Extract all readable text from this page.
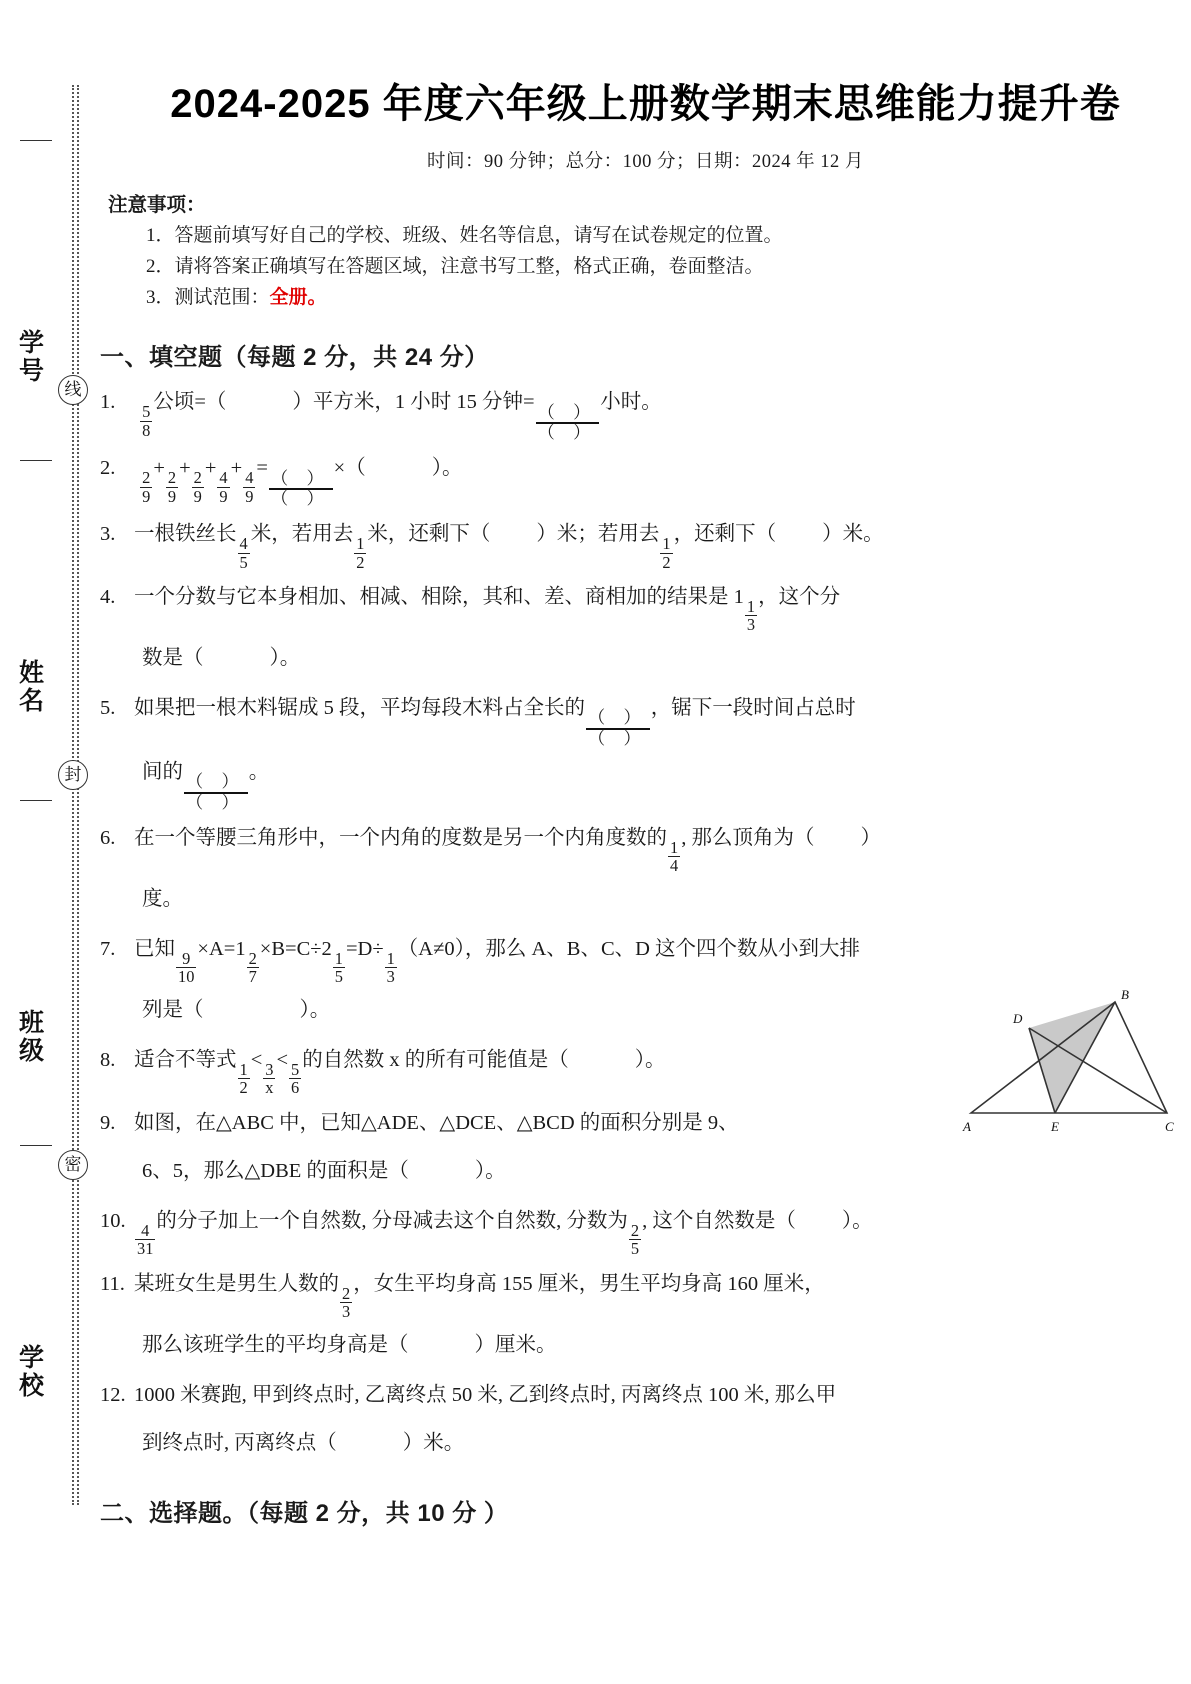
学 号
姓 名
班 级
学 校
线
封
密
2024-2025 年度六年级上册数学期末思维能力提升卷
时间：90 分钟；总分：100 分；日期：2024 年 12 月
注意事项：
1．答题前填写好自己的学校、班级、姓名等信息，请写在试卷规定的位置。
2．请将答案正确填写在答题区域，注意书写工整，格式正确，卷面整洁。
3．测试范围：全册。
一、填空题（每题 2 分，共 24 分）
1.
$\frac{5}{8}$
公顷=（	）平方米，1 小时 15 分钟=
$\frac{( )}{( )}$
小时。
2.
$\frac{2}{9}$
+
$\frac{2}{9}$
+
$\frac{2}{9}$
+
$\frac{4}{9}$
+
$\frac{4}{9}$
=
$\frac{( )}{( )}$
×（	）。
3. 一根铁丝长
$\frac{4}{5}$
米，若用去
$\frac{1}{2}$
米，还剩下（ ）米；若用去
$\frac{1}{2}$
，还剩下（ ）米。
4. 一个分数与它本身相加、相减、相除，其和、差、商相加的结果是 1
$\frac{1}{3}$
，这个分
数是（	）。
5. 如果把一根木料锯成 5 段，平均每段木料占全长的
$\frac{( )}{( )}$
，锯下一段时间占总时
间的
$\frac{( )}{( )}$
。
6. 在一个等腰三角形中，一个内角的度数是另一个内角度数的
$\frac{1}{4}$
, 那么顶角为（ ）
度。
7. 已知
$\frac{9}{10}$
×A=1
$\frac{2}{7}$
×B=C÷2
$\frac{1}{5}$
=D÷
$\frac{1}{3}$
（A≠0），那么 A、B、C、D 这个四个数从小到大排
列是（	）。
8. 适合不等式
$\frac{1}{2}$
<
$\frac{3}{x}$
<
$\frac{5}{6}$
的自然数 x 的所有可能值是（	）。
9. 如图，在△ABC 中，已知△ADE、△DCE、△BCD 的面积分别是 9、
6、5，那么△DBE 的面积是（	）。
10.
$\frac{4}{31}$
的分子加上一个自然数, 分母减去这个自然数, 分数为
$\frac{2}{5}$
, 这个自然数是（ ）。
11. 某班女生是男生人数的
$\frac{2}{3}$
，女生平均身高 155 厘米，男生平均身高 160 厘米，
那么该班学生的平均身高是（	）厘米。
12. 1000 米赛跑, 甲到终点时, 乙离终点 50 米, 乙到终点时, 丙离终点 100 米, 那么甲
到终点时, 丙离终点（	）米。
二、选择题。（每题 2 分，共 10 分 ）
A
B
C
D
E
